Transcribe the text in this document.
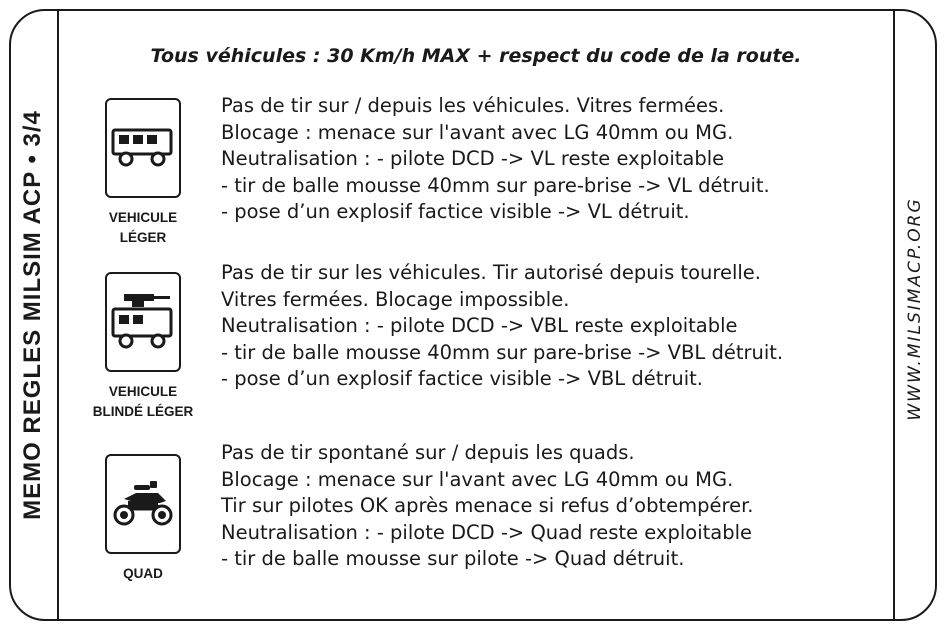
MEMO REGLES MILSIM ACP • 3/4	WWW.MILSIMACP.ORG
Tous véhicules : 30 Km/h MAX + respect du code de la route.
VEHICULE
LÉGER
Pas de tir sur / depuis les véhicules. Vitres fermées.
Blocage : menace sur l'avant avec LG 40mm ou MG.
Neutralisation : - pilote DCD -> VL reste exploitable
- tir de balle mousse 40mm sur pare-brise -> VL détruit.
- pose d’un explosif factice visible -> VL détruit.
VEHICULE
BLINDÉ LÉGER
Pas de tir sur les véhicules. Tir autorisé depuis tourelle.
Vitres fermées. Blocage impossible.
Neutralisation : - pilote DCD -> VBL reste exploitable
- tir de balle mousse 40mm sur pare-brise -> VBL détruit.
- pose d’un explosif factice visible -> VBL détruit.
QUAD
Pas de tir spontané sur / depuis les quads.
Blocage : menace sur l'avant avec LG 40mm ou MG.
Tir sur pilotes OK après menace si refus d’obtempérer.
Neutralisation : - pilote DCD -> Quad reste exploitable
- tir de balle mousse sur pilote -> Quad détruit.
